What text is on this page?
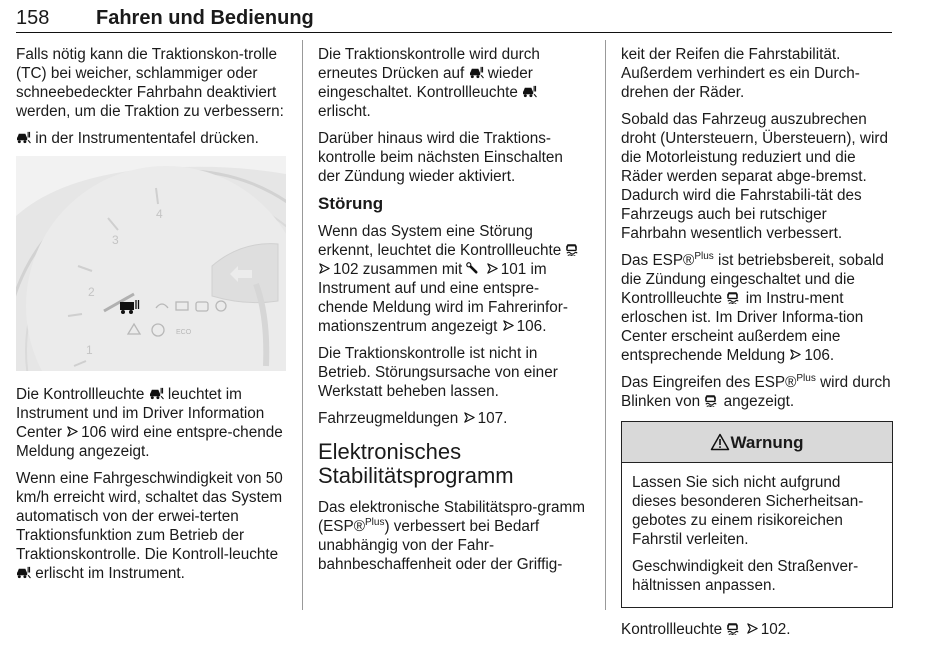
158 Fahren und Bedienung

Falls nötig kann die Traktionskon-trolle (TC) bei weicher, schlammiger oder schneebedeckter Fahrbahn deaktiviert werden, um die Traktion zu verbessern:

in der Instrumententafel drücken.

1
2
3
4
ECO

Die Kontrollleuchte
leuchtet im Instrument und im Driver Information Center
106 wird eine entspre-chende Meldung angezeigt.

Wenn eine Fahrgeschwindigkeit von 50 km/h erreicht wird, schaltet das System automatisch von der erwei-terten Traktionsfunktion zum Betrieb der Traktionskontrolle. Die Kontroll-leuchte
erlischt im Instrument.

Die Traktionskontrolle wird durch erneutes Drücken auf
wieder eingeschaltet. Kontrollleuchte
erlischt.

Darüber hinaus wird die Traktions-kontrolle beim nächsten Einschalten der Zündung wieder aktiviert.

Störung

Wenn das System eine Störung erkennt, leuchtet die Kontrollleuchte

102 zusammen mit

101 im Instrument auf und eine entspre-chende Meldung wird im Fahrerinfor-mationszentrum angezeigt
106.

Die Traktionskontrolle ist nicht in Betrieb. Störungsursache von einer Werkstatt beheben lassen.

Fahrzeugmeldungen
107.

Elektronisches Stabilitätsprogramm

Das elektronische Stabilitätspro-gramm (ESP®$^{Plus}$) verbessert bei Bedarf unabhängig von der Fahr-bahnbeschaffenheit oder der Griffig-

keit der Reifen die Fahrstabilität. Außerdem verhindert es ein Durch-drehen der Räder.

Sobald das Fahrzeug auszubrechen droht (Untersteuern, Übersteuern), wird die Motorleistung reduziert und die Räder werden separat abge-bremst. Dadurch wird die Fahrstabili-tät des Fahrzeugs auch bei rutschiger Fahrbahn wesentlich verbessert.

Das ESP®$^{Plus}$ ist betriebsbereit, sobald die Zündung eingeschaltet und die Kontrollleuchte
im Instru-ment erloschen ist. Im Driver Informa-tion Center erscheint außerdem eine entsprechende Meldung
106.

Das Eingreifen des ESP®$^{Plus}$ wird durch Blinken von
angezeigt.

Warnung

Lassen Sie sich nicht aufgrund dieses besonderen Sicherheitsan-gebotes zu einem risikoreichen Fahrstil verleiten.

Geschwindigkeit den Straßenver-hältnissen anpassen.

Kontrollleuchte

102.
